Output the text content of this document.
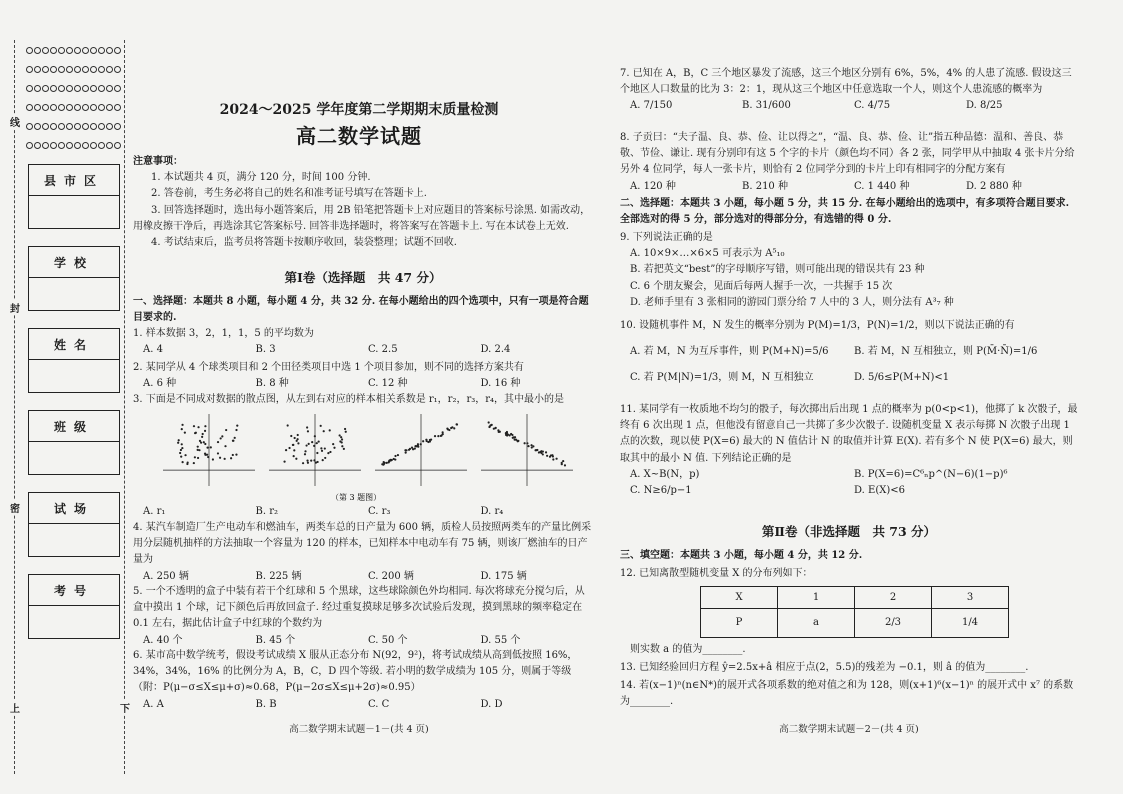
线
封
密
上	下
县市区
学校
姓名
班级
试场
考号
2024～2025 学年度第二学期期末质量检测
高二数学试题
注意事项：
1. 本试题共 4 页，满分 120 分，时间 100 分钟.
2. 答卷前，考生务必将自己的姓名和准考证号填写在答题卡上.
3. 回答选择题时，选出每小题答案后，用 2B 铅笔把答题卡上对应题目的答案标号涂黑. 如需改动，用橡皮擦干净后，再选涂其它答案标号. 回答非选择题时，将答案写在答题卡上. 写在本试卷上无效.
4. 考试结束后，监考员将答题卡按顺序收回，装袋整理；试题不回收.
第Ⅰ卷（选择题　共 47 分）
一、选择题：本题共 8 小题，每小题 4 分，共 32 分. 在每小题给出的四个选项中，只有一项是符合题目要求的.
1. 样本数据 3，2，1，1，5 的平均数为
A. 4	B. 3	C. 2.5	D. 2.4
2. 某同学从 4 个球类项目和 2 个田径类项目中选 1 个项目参加，则不同的选择方案共有
A. 6 种	B. 8 种	C. 12 种	D. 16 种
3. 下面是不同成对数据的散点图，从左到右对应的样本相关系数是 r₁，r₂，r₃，r₄，其中最小的是
（第 3 题图）
A. r₁	B. r₂	C. r₃	D. r₄
4. 某汽车制造厂生产电动车和燃油车，两类车总的日产量为 600 辆，质检人员按照两类车的产量比例采用分层随机抽样的方法抽取一个容量为 120 的样本，已知样本中电动车有 75 辆，则该厂燃油车的日产量为
A. 250 辆	B. 225 辆	C. 200 辆	D. 175 辆
5. 一个不透明的盒子中装有若干个红球和 5 个黑球，这些球除颜色外均相同. 每次将球充分搅匀后，从盒中摸出 1 个球，记下颜色后再放回盒子. 经过重复摸球足够多次试验后发现，摸到黑球的频率稳定在 0.1 左右，据此估计盒子中红球的个数约为
A. 40 个	B. 45 个	C. 50 个	D. 55 个
6. 某市高中数学统考，假设考试成绩 X 服从正态分布 N(92，9²)，将考试成绩从高到低按照 16%，34%，34%，16% 的比例分为 A，B，C，D 四个等级. 若小明的数学成绩为 105 分，则属于等级
（附：P(μ−σ≤X≤μ+σ)≈0.68，P(μ−2σ≤X≤μ+2σ)≈0.95）
A. A	B. B	C. C	D. D
高二数学期末试题－1－(共 4 页)
7. 已知在 A，B，C 三个地区暴发了流感，这三个地区分别有 6%，5%，4% 的人患了流感. 假设这三个地区人口数量的比为 3：2：1，现从这三个地区中任意选取一个人，则这个人患流感的概率为
A. 7/150	B. 31/600	C. 4/75	D. 8/25
8. 子贡曰：“夫子温、良、恭、俭、让以得之”，“温、良、恭、俭、让”指五种品德：温和、善良、恭敬、节俭、谦让. 现有分别印有这 5 个字的卡片（颜色均不同）各 2 张，同学甲从中抽取 4 张卡片分给另外 4 位同学，每人一张卡片，则恰有 2 位同学分到的卡片上印有相同字的分配方案有
A. 120 种	B. 210 种	C. 1 440 种	D. 2 880 种
二、选择题：本题共 3 小题，每小题 5 分，共 15 分. 在每小题给出的选项中，有多项符合题目要求. 全部选对的得 5 分，部分选对的得部分分，有选错的得 0 分.
9. 下列说法正确的是
A. 10×9×…×6×5 可表示为 A⁵₁₀
B. 若把英文“best”的字母顺序写错，则可能出现的错误共有 23 种
C. 6 个朋友聚会，见面后每两人握手一次，一共握手 15 次
D. 老师手里有 3 张相同的游园门票分给 7 人中的 3 人，则分法有 A³₇ 种
10. 设随机事件 M，N 发生的概率分别为 P(M)=1/3，P(N)=1/2，则以下说法正确的有
A. 若 M，N 为互斥事件，则 P(M+N)=5/6	B. 若 M，N 互相独立，则 P(M̄·N̄)=1/6
C. 若 P(M|N)=1/3，则 M，N 互相独立	D. 5/6≤P(M+N)<1
11. 某同学有一枚质地不均匀的骰子，每次掷出后出现 1 点的概率为 p(0<p<1)，他掷了 k 次骰子，最终有 6 次出现 1 点，但他没有留意自己一共掷了多少次骰子. 设随机变量 X 表示每掷 N 次骰子出现 1 点的次数，现以使 P(X=6) 最大的 N 值估计 N 的取值并计算 E(X). 若有多个 N 使 P(X=6) 最大，则取其中的最小 N 值. 下列结论正确的是
A. X~B(N，p)	B. P(X=6)=C⁶ₙp^(N−6)(1−p)⁶
C. N≥6/p−1	D. E(X)<6
第Ⅱ卷（非选择题　共 73 分）
三、填空题：本题共 3 小题，每小题 4 分，共 12 分.
12. 已知离散型随机变量 X 的分布列如下：
X	1	2	3
P	a	2/3	1/4
则实数 a 的值为________.
13. 已知经验回归方程 ŷ=2.5x+â 相应于点(2，5.5)的残差为 −0.1，则 â 的值为________.
14. 若(x−1)ⁿ(n∈N*)的展开式各项系数的绝对值之和为 128，则(x+1)⁶(x−1)ⁿ 的展开式中 x⁷ 的系数为________.
高二数学期末试题－2－(共 4 页)
